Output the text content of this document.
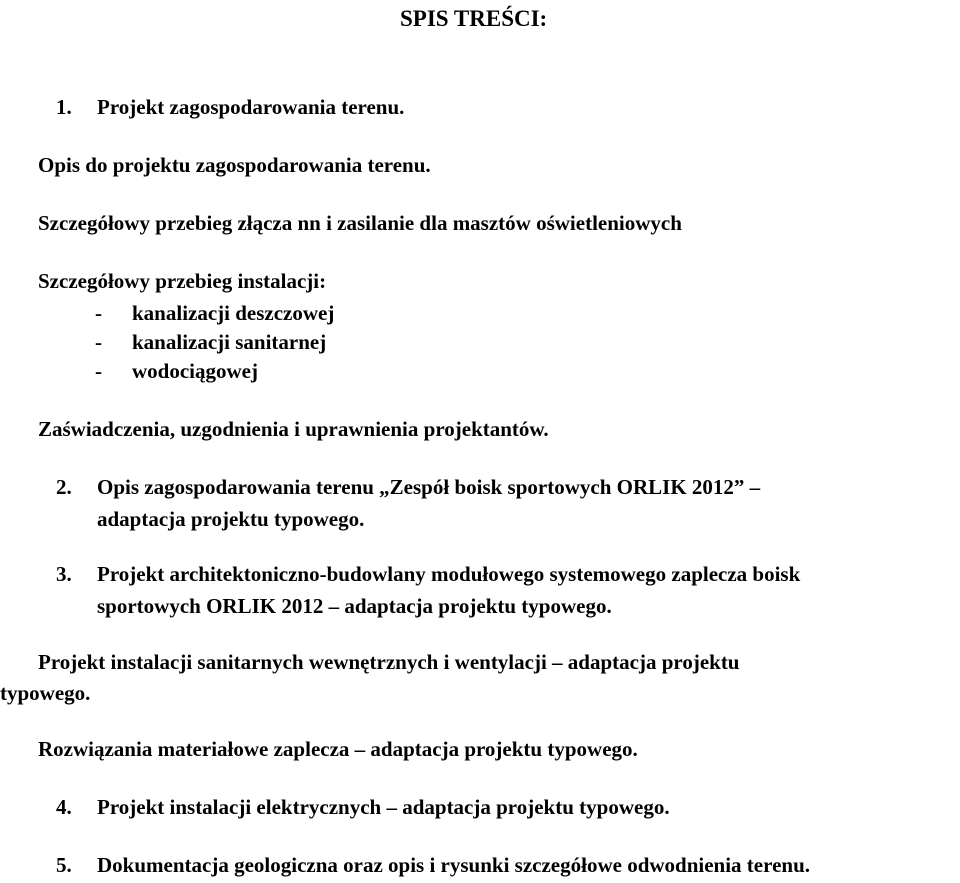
SPIS TREŚCI:
1. Projekt zagospodarowania terenu.
Opis do projektu zagospodarowania terenu.
Szczegółowy przebieg złącza nn i zasilanie dla masztów oświetleniowych
Szczegółowy przebieg instalacji:
- kanalizacji deszczowej
- kanalizacji sanitarnej
- wodociągowej
Zaświadczenia, uzgodnienia i uprawnienia projektantów.
2. Opis zagospodarowania terenu „Zespół boisk sportowych ORLIK 2012” –
adaptacja projektu typowego.
3. Projekt architektoniczno-budowlany modułowego systemowego zaplecza boisk
sportowych ORLIK 2012 – adaptacja projektu typowego.
Projekt instalacji sanitarnych wewnętrznych i wentylacji – adaptacja projektu
typowego.
Rozwiązania materiałowe zaplecza – adaptacja projektu typowego.
4. Projekt instalacji elektrycznych – adaptacja projektu typowego.
5. Dokumentacja geologiczna oraz opis i rysunki szczegółowe odwodnienia terenu.
